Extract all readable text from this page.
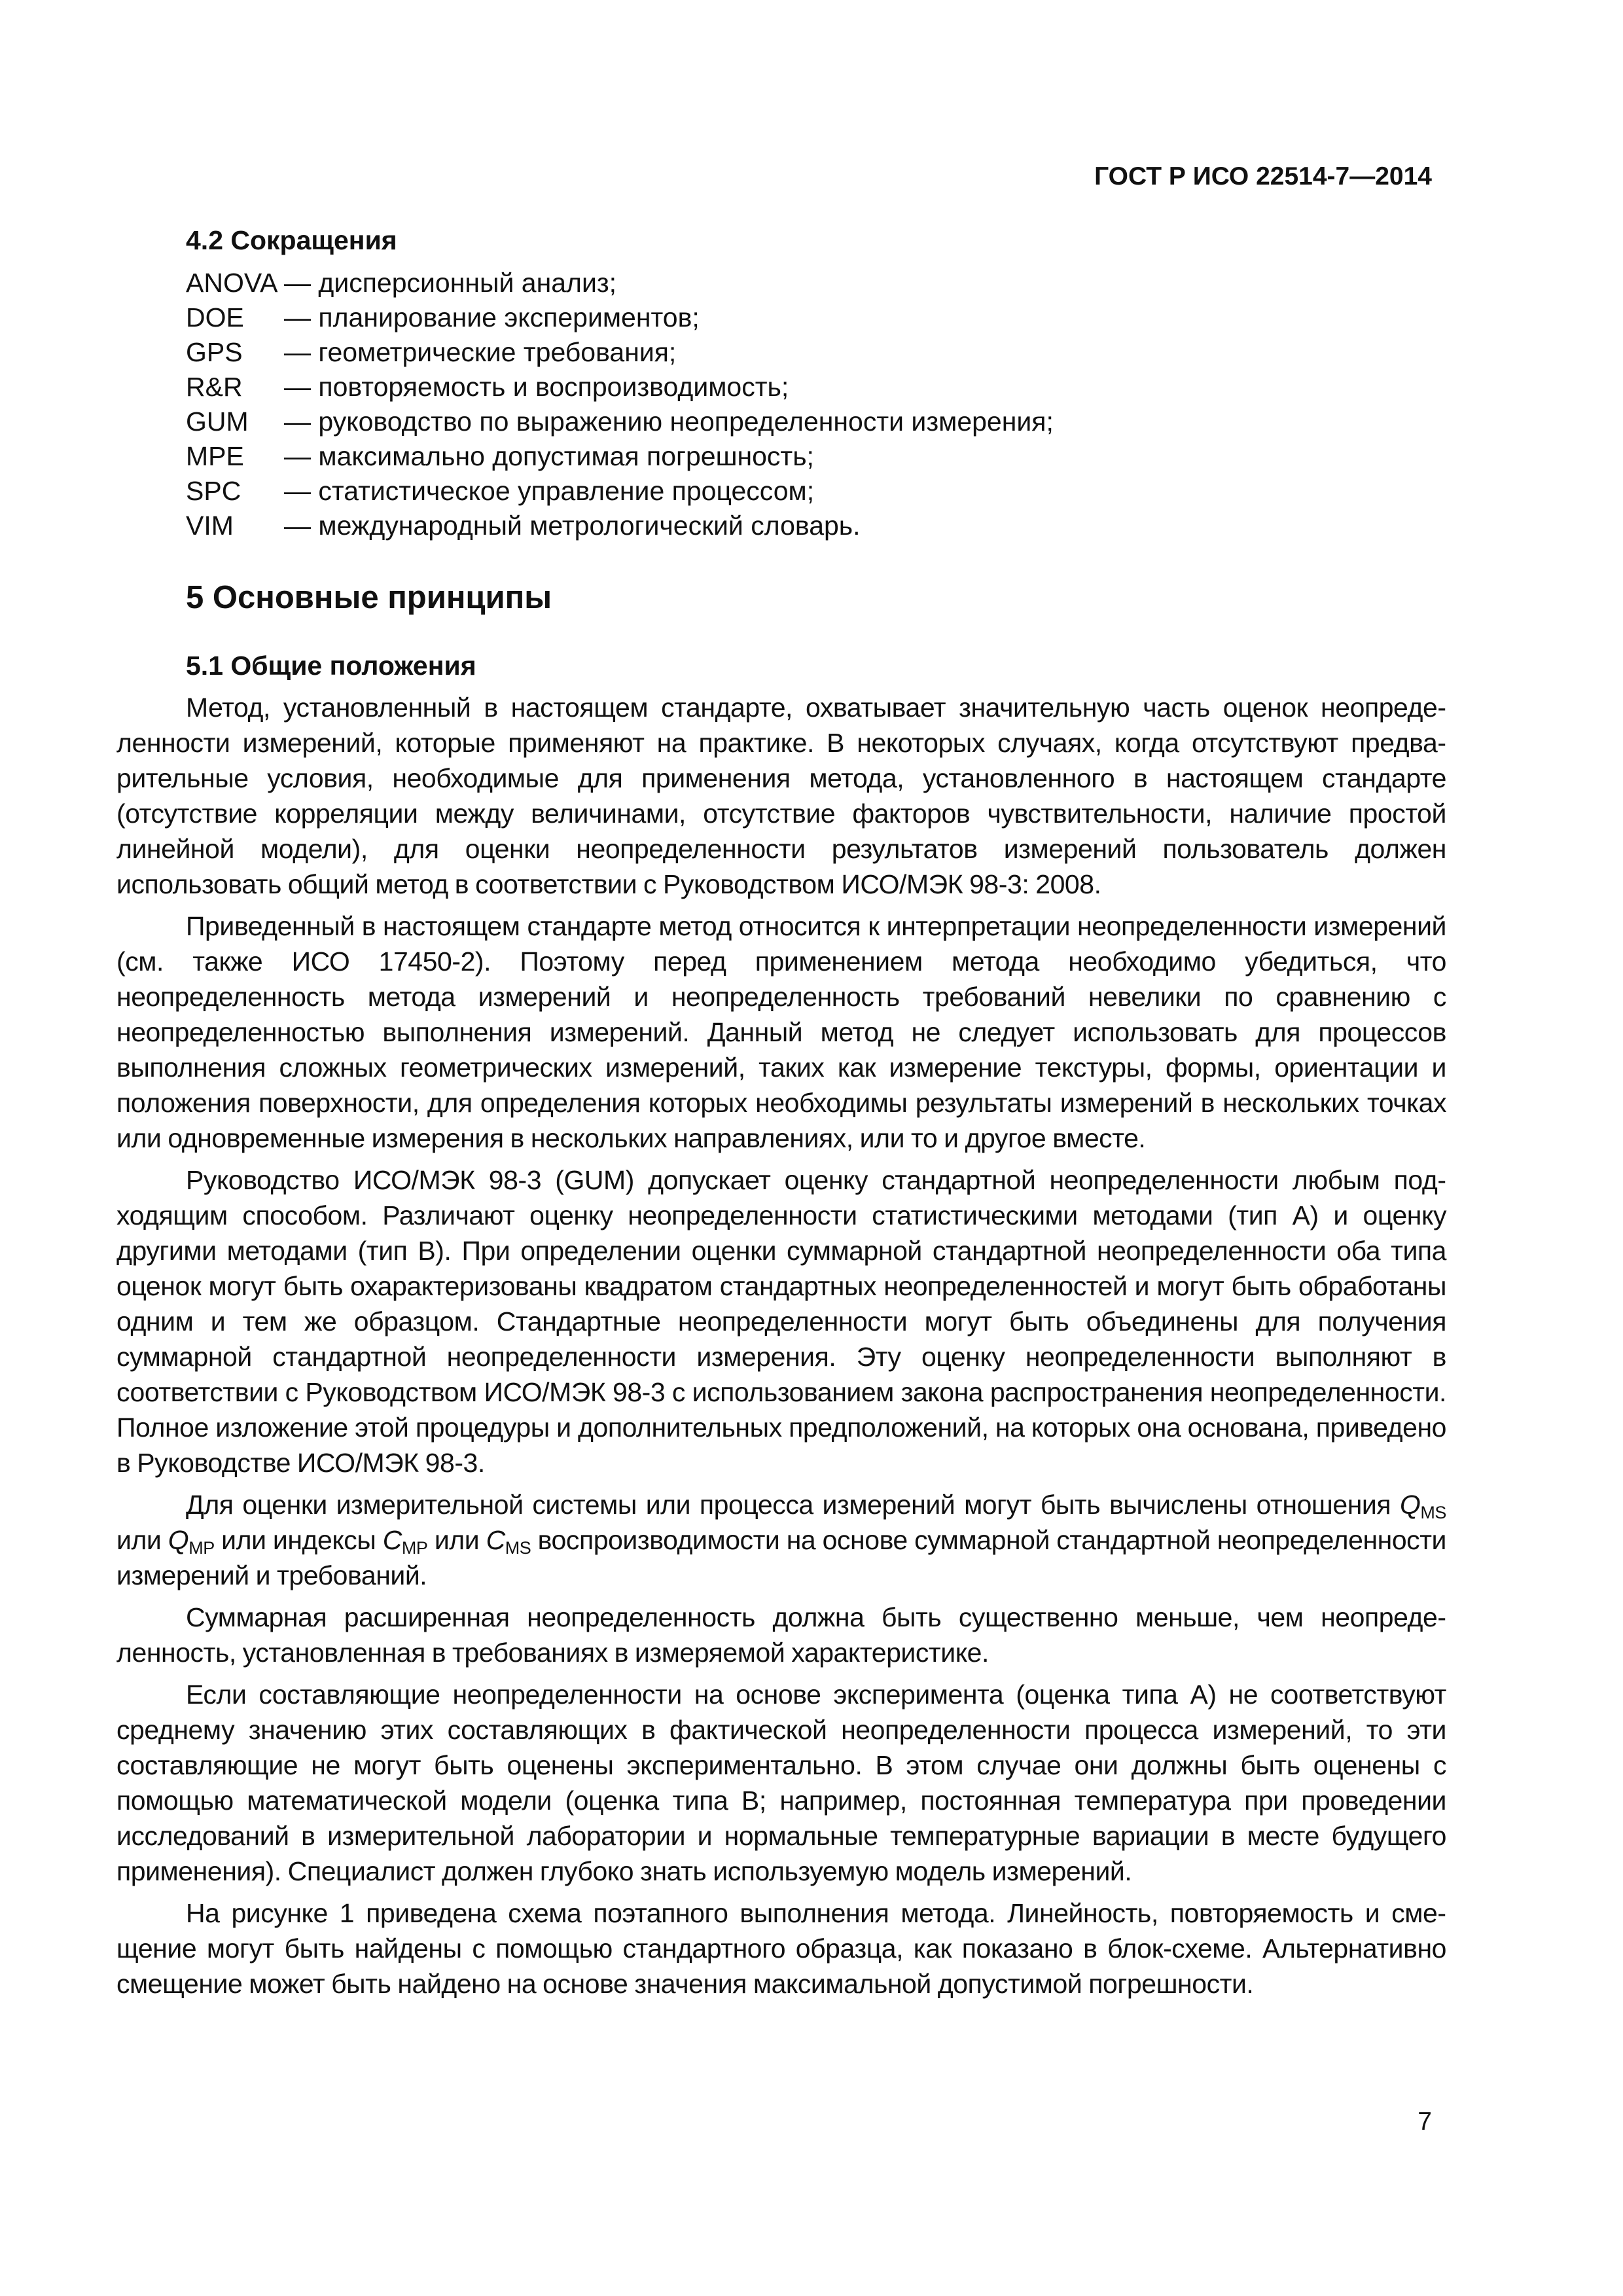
ГОСТ Р ИСО 22514-7—2014
4.2 Сокращения
ANOVA — дисперсионный анализ;
DOE	— планирование экспериментов;
GPS	— геометрические требования;
R&R	— повторяемость и воспроизводимость;
GUM	— руководство по выражению неопределенности измерения;
MPE	— максимально допустимая погрешность;
SPC	— статистическое управление процессом;
VIM	— международный метрологический словарь.
5 Основные принципы
5.1 Общие положения

Метод, установленный в настоящем стандарте, охватывает значительную часть оценок неопределенности измерений, которые применяют на практике. В некоторых случаях, когда отсутствуют предварительные условия, необходимые для применения метода, установленного в настоящем стандарте (отсутствие корреляции между величинами, отсутствие факторов чувствительности, наличие простой линейной модели), для оценки неопределенности результатов измерений пользователь должен использовать общий метод в соответствии с Руководством ИСО/МЭК 98-3: 2008.

Приведенный в настоящем стандарте метод относится к интерпретации неопределенности измерений (см. также ИСО 17450-2). Поэтому перед применением метода необходимо убедиться, что неопределенность метода измерений и неопределенность требований невелики по сравнению с неопределенностью выполнения измерений. Данный метод не следует использовать для процессов выполнения сложных геометрических измерений, таких как измерение текстуры, формы, ориентации и положения поверхности, для определения которых необходимы результаты измерений в нескольких точках или одновременные измерения в нескольких направлениях, или то и другое вместе.

Руководство ИСО/МЭК 98-3 (GUM) допускает оценку стандартной неопределенности любым подходящим способом. Различают оценку неопределенности статистическими методами (тип А) и оценку другими методами (тип В). При определении оценки суммарной стандартной неопределенности оба типа оценок могут быть охарактеризованы квадратом стандартных неопределенностей и могут быть обработаны одним и тем же образцом. Стандартные неопределенности могут быть объединены для получения суммарной стандартной неопределенности измерения. Эту оценку неопределенности выполняют в соответствии с Руководством ИСО/МЭК 98-3 с использованием закона распространения неопределенности. Полное изложение этой процедуры и дополнительных предположений, на которых она основана, приведено в Руководстве ИСО/МЭК 98-3.

Для оценки измерительной системы или процесса измерений могут быть вычислены отношения $Q_{MS}$ или $Q_{MP}$ или индексы $C_{MP}$ или $C_{MS}$ воспроизводимости на основе суммарной стандартной неопределенности измерений и требований.

Суммарная расширенная неопределенность должна быть существенно меньше, чем неопределенность, установленная в требованиях в измеряемой характеристике.

Если составляющие неопределенности на основе эксперимента (оценка типа А) не соответствуют среднему значению этих составляющих в фактической неопределенности процесса измерений, то эти составляющие не могут быть оценены экспериментально. В этом случае они должны быть оценены с помощью математической модели (оценка типа В; например, постоянная температура при проведении исследований в измерительной лаборатории и нормальные температурные вариации в месте будущего применения). Специалист должен глубоко знать используемую модель измерений.

На рисунке 1 приведена схема поэтапного выполнения метода. Линейность, повторяемость и смещение могут быть найдены с помощью стандартного образца, как показано в блок-схеме. Альтернативно смещение может быть найдено на основе значения максимальной допустимой погрешности.

7
